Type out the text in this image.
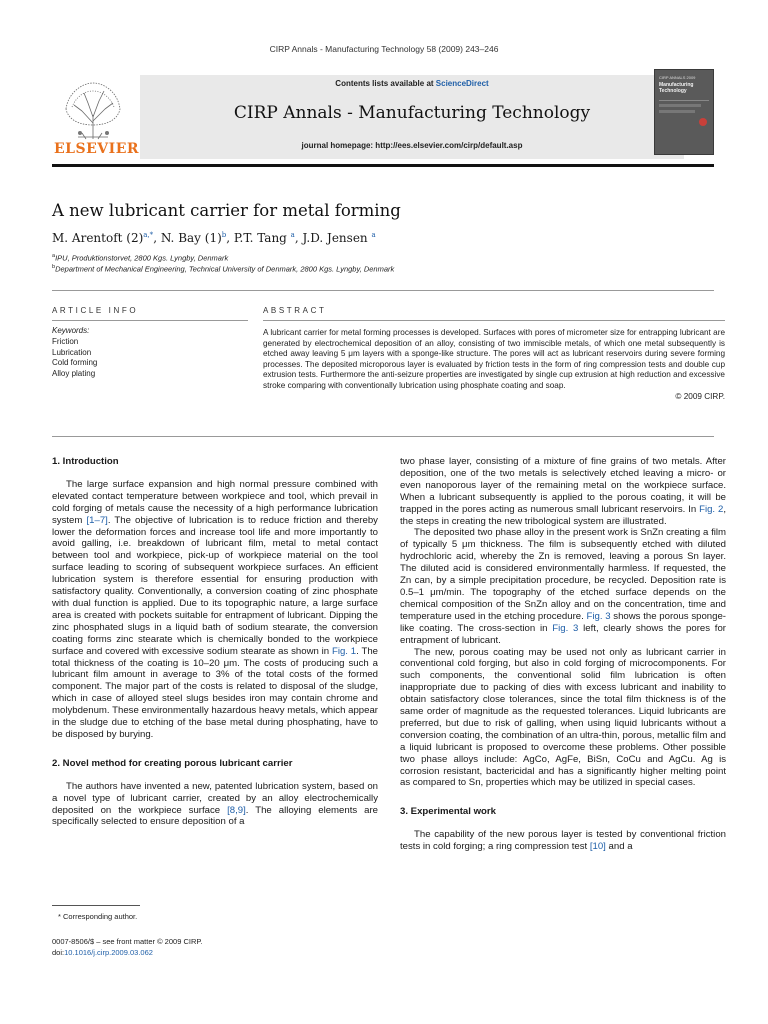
CIRP Annals - Manufacturing Technology 58 (2009) 243–246
ELSEVIER
Contents lists available at ScienceDirect
CIRP Annals - Manufacturing Technology
journal homepage: http://ees.elsevier.com/cirp/default.asp
CIRP ANNALS 2009
Manufacturing Technology
A new lubricant carrier for metal forming
M. Arentoft $(2)^{a,*}$, N. Bay $(1)^b$, P.T. Tang $^a$, J.D. Jensen $^a$
$^a$IPU, Produktionstorvet, 2800 Kgs. Lyngby, Denmark
$^b$Department of Mechanical Engineering, Technical University of Denmark, 2800 Kgs. Lyngby, Denmark
ARTICLE INFO	ABSTRACT
Keywords:
Friction
Lubrication
Cold forming
Alloy plating
A lubricant carrier for metal forming processes is developed. Surfaces with pores of micrometer size for entrapping lubricant are generated by electrochemical deposition of an alloy, consisting of two immiscible metals, of which one metal subsequently is etched away leaving 5 μm layers with a sponge-like structure. The pores will act as lubricant reservoirs during severe forming processes. The deposited microporous layer is evaluated by friction tests in the form of ring compression tests and double cup extrusion tests. Furthermore the anti-seizure properties are investigated by single cup extrusion at high reduction and excessive stroke comparing with conventionally lubrication using phosphate coating and soap.
© 2009 CIRP.
1. Introduction

The large surface expansion and high normal pressure combined with elevated contact temperature between workpiece and tool, which prevail in cold forging of metals cause the necessity of a high performance lubrication system [1–7]. The objective of lubrication is to reduce friction and thereby lower the deformation forces and increase tool life and more importantly to avoid galling, i.e. breakdown of lubricant film, metal to metal contact between tool and workpiece, pick-up of workpiece material on the tool surface leading to scoring of subsequent workpiece surfaces. An efficient lubrication system is therefore essential for ensuring production with satisfactory quality. Conventionally, a conversion coating of zinc phosphate with dual function is applied. Due to its topographic nature, a large surface area is created with pockets suitable for entrapment of lubricant. Dipping the zinc phosphated slugs in a liquid bath of sodium stearate, the conversion coating forms zinc stearate which is chemically bonded to the workpiece surface and covered with excessive sodium stearate as shown in Fig. 1. The total thickness of the coating is 10–20 μm. The costs of producing such a lubricant film amount in average to 3% of the total costs of the formed component. The major part of the costs is related to disposal of the sludge, which in case of alloyed steel slugs besides iron may contain chrome and molybdenum. These environmentally hazardous heavy metals, which appear in the sludge due to etching of the base metal during phosphating, have to be disposed by burying.

2. Novel method for creating porous lubricant carrier

The authors have invented a new, patented lubrication system, based on a novel type of lubricant carrier, created by an alloy electrochemically deposited on the workpiece surface [8,9]. The alloying elements are specifically selected to ensure deposition of a

two phase layer, consisting of a mixture of fine grains of two metals. After deposition, one of the two metals is selectively etched leaving a micro- or even nanoporous layer of the remaining metal on the workpiece surface. When a lubricant subsequently is applied to the porous coating, it will be trapped in the pores acting as numerous small lubricant reservoirs. In Fig. 2, the steps in creating the new tribological system are illustrated.

The deposited two phase alloy in the present work is SnZn creating a film of typically 5 μm thickness. The film is subsequently etched with diluted hydrochloric acid, whereby the Zn is removed, leaving a porous Sn layer. The diluted acid is considered environmentally harmless. If requested, the Zn can, by a simple precipitation procedure, be recycled. Deposition rate is 0.5–1 μm/min. The topography of the etched surface depends on the chemical composition of the SnZn alloy and on the concentration, time and temperature used in the etching procedure. Fig. 3 shows the porous sponge-like coating. The cross-section in Fig. 3 left, clearly shows the pores for entrapment of lubricant.

The new, porous coating may be used not only as lubricant carrier in conventional cold forging, but also in cold forging of microcomponents. For such components, the conventional solid film lubrication is often inappropriate due to packing of dies with excess lubricant and inability to obtain satisfactory close tolerances, since the total film thickness is of the same order of magnitude as the requested tolerances. Liquid lubricants are preferred, but due to risk of galling, when using liquid lubricants without a conversion coating, the combination of an ultra-thin, porous, metallic film and a liquid lubricant is proposed to overcome these problems. Other possible two phase alloys include: AgCo, AgFe, BiSn, CoCu and AgCu. Ag is corrosion resistant, bactericidal and has a significantly higher melting point as compared to Sn, properties which may be utilized in special cases.

3. Experimental work

The capability of the new porous layer is tested by conventional friction tests in cold forging; a ring compression test [10] and a

* Corresponding author.
0007-8506/$ – see front matter © 2009 CIRP.
doi:10.1016/j.cirp.2009.03.062
